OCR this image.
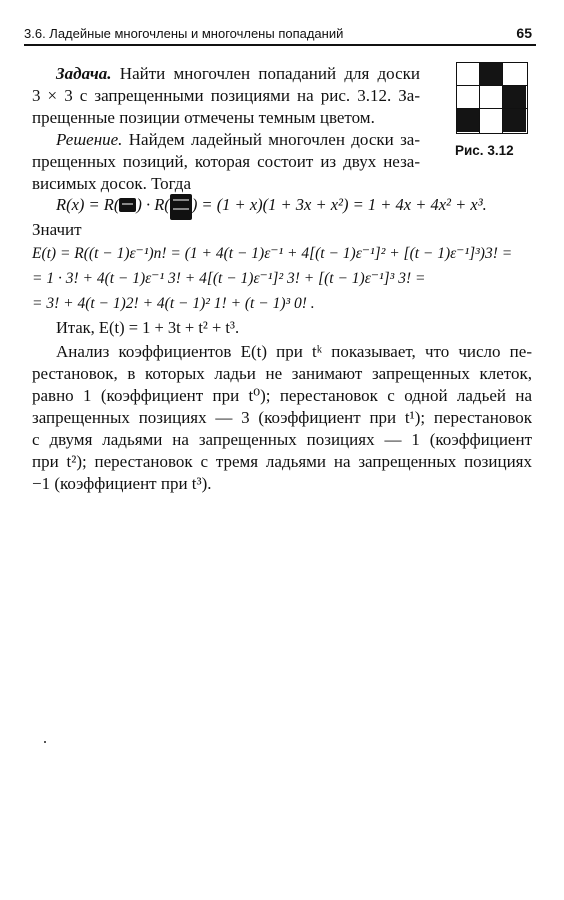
3.6. Ладейные многочлены и многочлены попаданий	65
Рис. 3.12
Задача. Найти многочлен попаданий для доски
3 × 3 с запрещенными позициями на рис. 3.12. За-
прещенные позиции отмечены темным цветом.
Решение. Найдем ладейный многочлен доски за-
прещенных позиций, которая состоит из двух неза-
висимых досок. Тогда
R(x) = R( ) · R( ) = (1 + x)(1 + 3x + x²) = 1 + 4x + 4x² + x³.
Значит
E(t) = R((t − 1)ε⁻¹)n! = (1 + 4(t − 1)ε⁻¹ + 4[(t − 1)ε⁻¹]² + [(t − 1)ε⁻¹]³)3! =
= 1 · 3! + 4(t − 1)ε⁻¹ 3! + 4[(t − 1)ε⁻¹]² 3! + [(t − 1)ε⁻¹]³ 3! =
= 3! + 4(t − 1)2! + 4(t − 1)² 1! + (t − 1)³ 0! .
Итак, E(t) = 1 + 3t + t² + t³.
Анализ коэффициентов E(t) при tᵏ показывает, что число пе-
рестановок, в которых ладьи не занимают запрещенных клеток,
равно 1 (коэффициент при t⁰); перестановок с одной ладьей на
запрещенных позициях — 3 (коэффициент при t¹); перестановок
с двумя ладьями на запрещенных позициях — 1 (коэффициент
при t²); перестановок с тремя ладьями на запрещенных позициях
−1 (коэффициент при t³).
